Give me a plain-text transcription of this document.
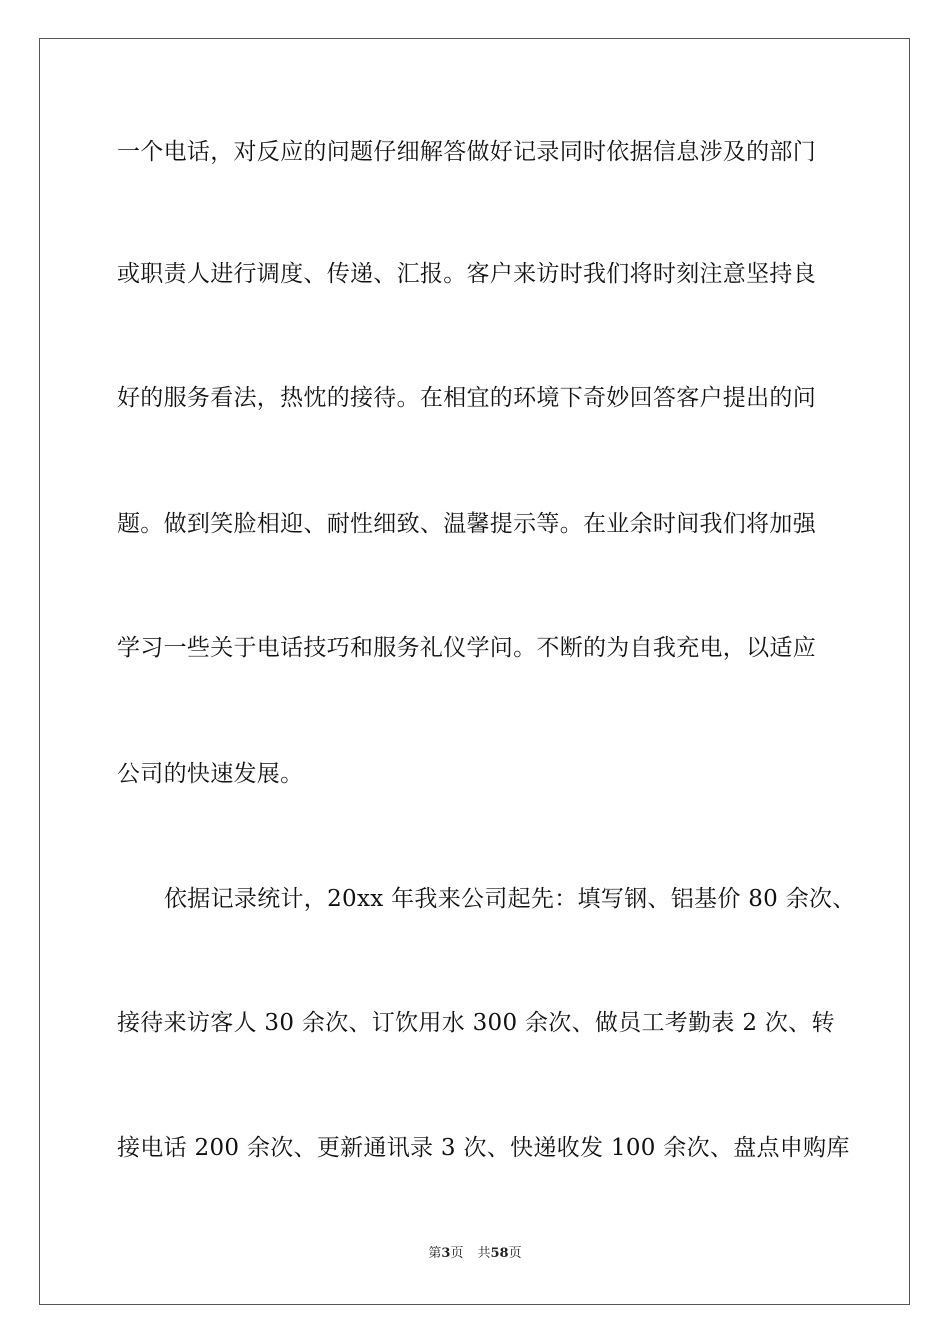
一个电话，对反应的问题仔细解答做好记录同时依据信息涉及的部门
或职责人进行调度、传递、汇报。客户来访时我们将时刻注意坚持良
好的服务看法，热忱的接待。在相宜的环境下奇妙回答客户提出的问
题。做到笑脸相迎、耐性细致、温馨提示等。在业余时间我们将加强
学习一些关于电话技巧和服务礼仪学问。不断的为自我充电，以适应
公司的快速发展。
依据记录统计，20xx 年我来公司起先：填写钢、铝基价 80 余次、
接待来访客人 30 余次、订饮用水 300 余次、做员工考勤表 2 次、转
接电话 200 余次、更新通讯录 3 次、快递收发 100 余次、盘点申购库
第3页 共58页
